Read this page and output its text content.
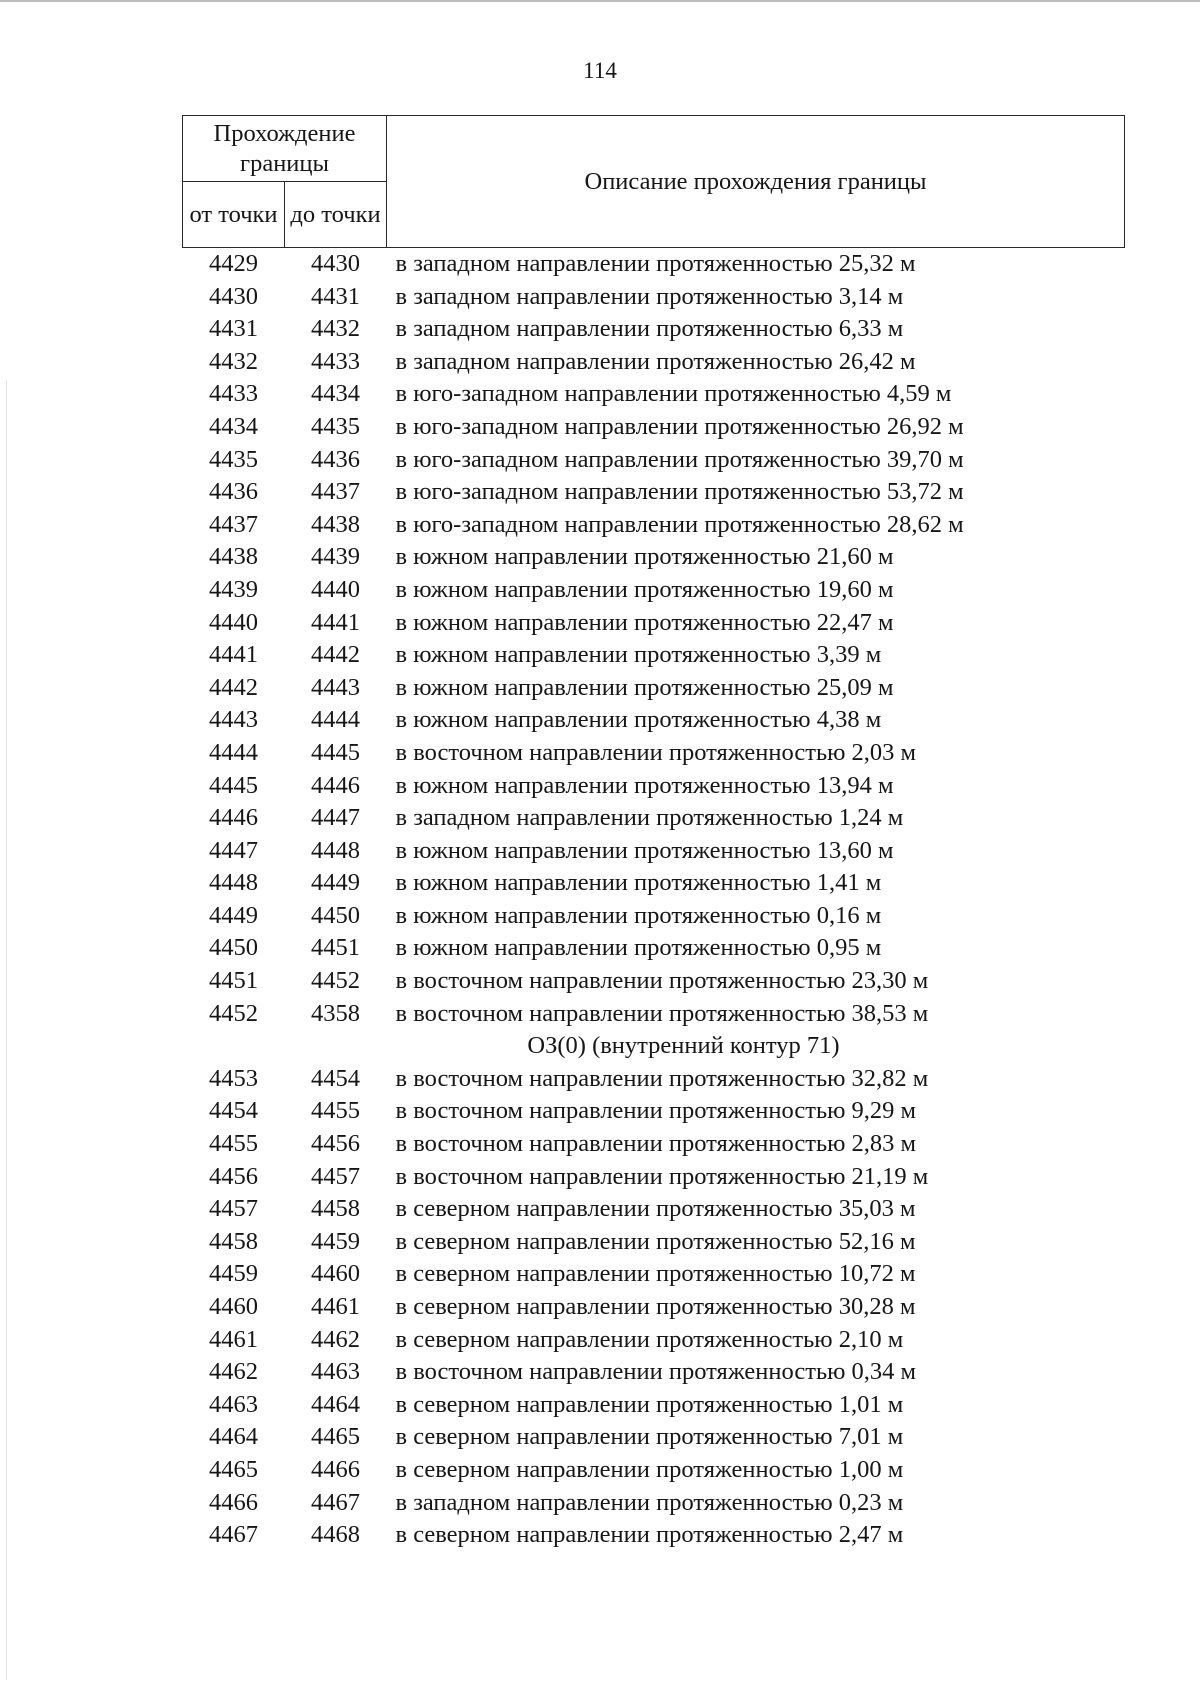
114
Прохождение границы		Описание прохождения границы
от точки	до точки	
4429	4430	в западном направлении протяженностью 25,32 м
4430	4431	в западном направлении протяженностью 3,14 м
4431	4432	в западном направлении протяженностью 6,33 м
4432	4433	в западном направлении протяженностью 26,42 м
4433	4434	в юго-западном направлении протяженностью 4,59 м
4434	4435	в юго-западном направлении протяженностью 26,92 м
4435	4436	в юго-западном направлении протяженностью 39,70 м
4436	4437	в юго-западном направлении протяженностью 53,72 м
4437	4438	в юго-западном направлении протяженностью 28,62 м
4438	4439	в южном направлении протяженностью 21,60 м
4439	4440	в южном направлении протяженностью 19,60 м
4440	4441	в южном направлении протяженностью 22,47 м
4441	4442	в южном направлении протяженностью 3,39 м
4442	4443	в южном направлении протяженностью 25,09 м
4443	4444	в южном направлении протяженностью 4,38 м
4444	4445	в восточном направлении протяженностью 2,03 м
4445	4446	в южном направлении протяженностью 13,94 м
4446	4447	в западном направлении протяженностью 1,24 м
4447	4448	в южном направлении протяженностью 13,60 м
4448	4449	в южном направлении протяженностью 1,41 м
4449	4450	в южном направлении протяженностью 0,16 м
4450	4451	в южном направлении протяженностью 0,95 м
4451	4452	в восточном направлении протяженностью 23,30 м
4452	4358	в восточном направлении протяженностью 38,53 м
ОЗ(0) (внутренний контур 71)		
4453	4454	в восточном направлении протяженностью 32,82 м
4454	4455	в восточном направлении протяженностью 9,29 м
4455	4456	в восточном направлении протяженностью 2,83 м
4456	4457	в восточном направлении протяженностью 21,19 м
4457	4458	в северном направлении протяженностью 35,03 м
4458	4459	в северном направлении протяженностью 52,16 м
4459	4460	в северном направлении протяженностью 10,72 м
4460	4461	в северном направлении протяженностью 30,28 м
4461	4462	в северном направлении протяженностью 2,10 м
4462	4463	в восточном направлении протяженностью 0,34 м
4463	4464	в северном направлении протяженностью 1,01 м
4464	4465	в северном направлении протяженностью 7,01 м
4465	4466	в северном направлении протяженностью 1,00 м
4466	4467	в западном направлении протяженностью 0,23 м
4467	4468	в северном направлении протяженностью 2,47 м
